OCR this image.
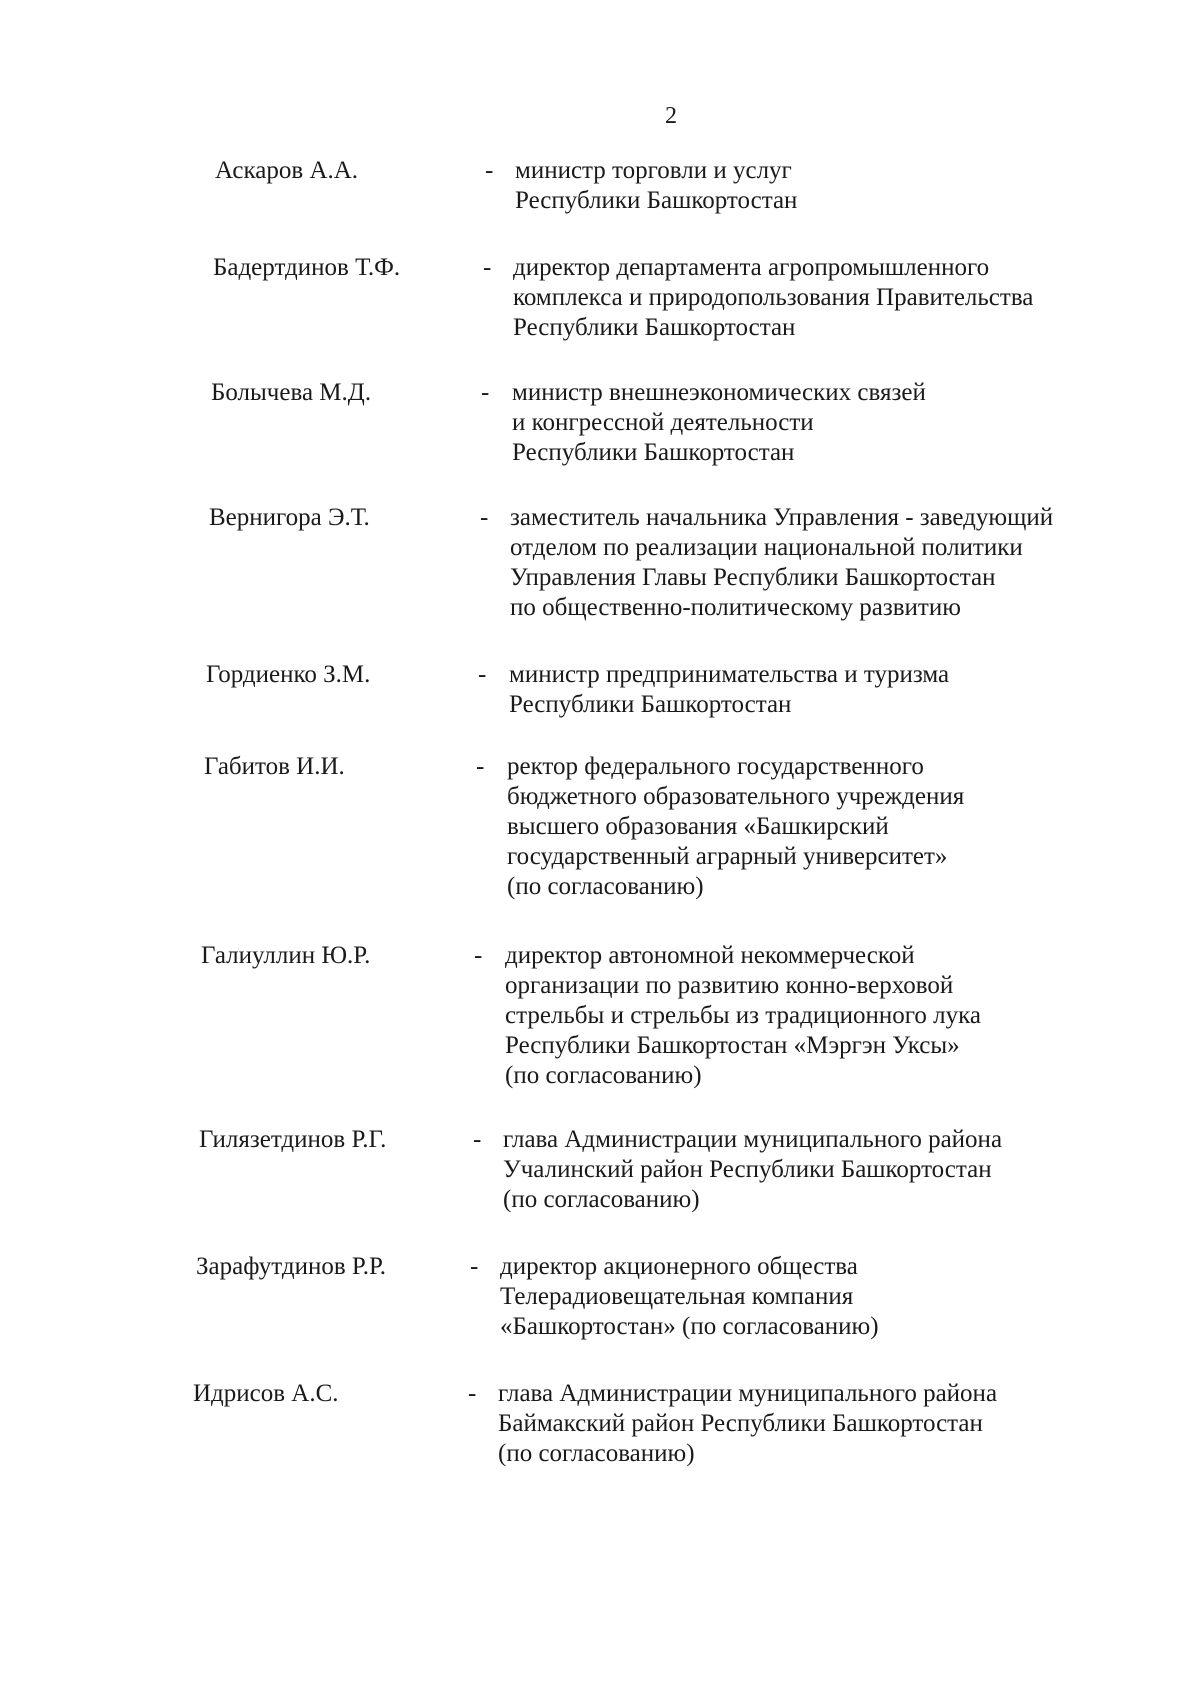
2
Аскаров А.А.	- министр торговли и услуг
Республики Башкортостан
Бадертдинов Т.Ф.	- директор департамента агропромышленного
комплекса и природопользования Правительства
Республики Башкортостан
Болычева М.Д.	- министр внешнеэкономических связей
и конгрессной деятельности
Республики Башкортостан
Вернигора Э.Т.	- заместитель начальника Управления - заведующий
отделом по реализации национальной политики
Управления Главы Республики Башкортостан
по общественно-политическому развитию
Гордиенко З.М.	- министр предпринимательства и туризма
Республики Башкортостан
Габитов И.И.	- ректор федерального государственного
бюджетного образовательного учреждения
высшего образования «Башкирский
государственный аграрный университет»
(по согласованию)
Галиуллин Ю.Р.	- директор автономной некоммерческой
организации по развитию конно-верховой
стрельбы и стрельбы из традиционного лука
Республики Башкортостан «Мэргэн Уксы»
(по согласованию)
Гилязетдинов Р.Г.	- глава Администрации муниципального района
Учалинский район Республики Башкортостан
(по согласованию)
Зарафутдинов Р.Р.	- директор акционерного общества
Телерадиовещательная компания
«Башкортостан» (по согласованию)
Идрисов А.С.	- глава Администрации муниципального района
Баймакский район Республики Башкортостан
(по согласованию)
